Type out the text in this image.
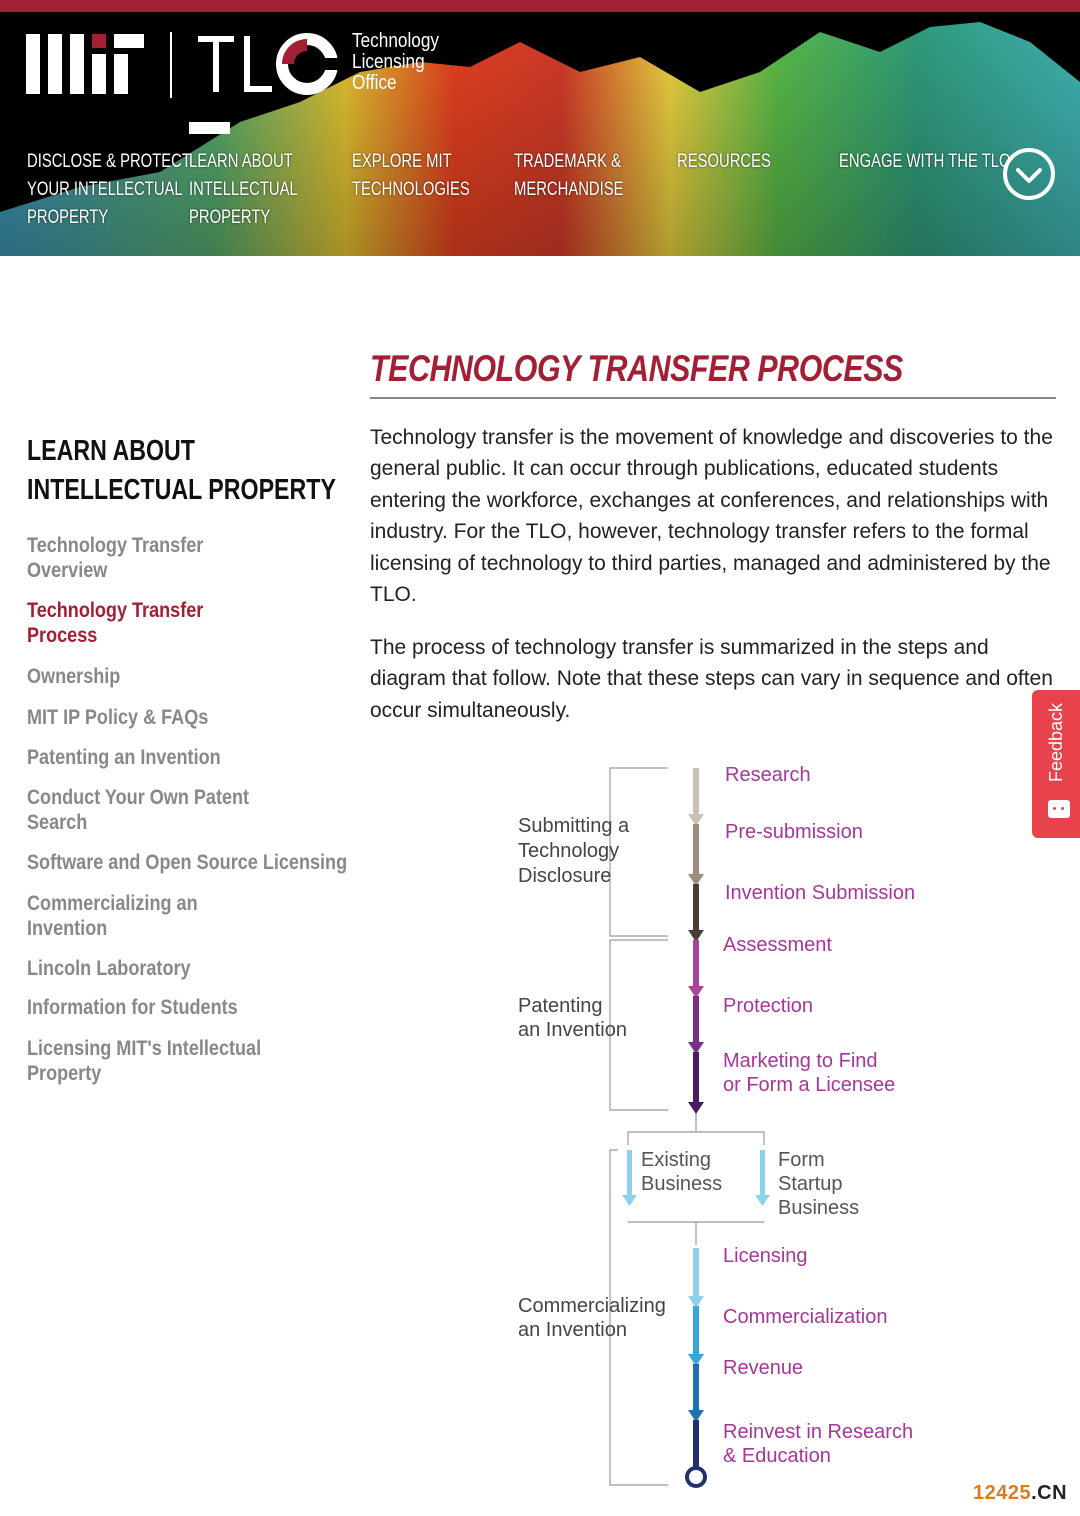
Technology
Licensing
Office
DISCLOSE & PROTECT
YOUR INTELLECTUAL
PROPERTY
LEARN ABOUT
INTELLECTUAL
PROPERTY
EXPLORE MIT
TECHNOLOGIES
TRADEMARK &
MERCHANDISE
RESOURCES	ENGAGE WITH THE TLO
LEARN ABOUT
INTELLECTUAL PROPERTY
Technology Transfer
Overview
Technology Transfer
Process
Ownership
MIT IP Policy & FAQs
Patenting an Invention
Conduct Your Own Patent
Search
Software and Open Source Licensing
Commercializing an
Invention
Lincoln Laboratory
Information for Students
Licensing MIT's Intellectual
Property
TECHNOLOGY TRANSFER PROCESS

Technology transfer is the movement of knowledge and discoveries to the general public. It can occur through publications, educated students entering the workforce, exchanges at conferences, and relationships with industry. For the TLO, however, technology transfer refers to the formal licensing of technology to third parties, managed and administered by the TLO.

The process of technology transfer is summarized in the steps and diagram that follow. Note that these steps can vary in sequence and often occur simultaneously.

Submitting a Technology Disclosure
Patenting an Invention
Commercializing an Invention
Existing Business
Form Startup Business
Research
Pre-submission
Invention Submission
Assessment
Protection
Marketing to Find or Form a Licensee
Licensing
Commercialization
Revenue
Reinvest in Research & Education
Feedback
12425.CN
